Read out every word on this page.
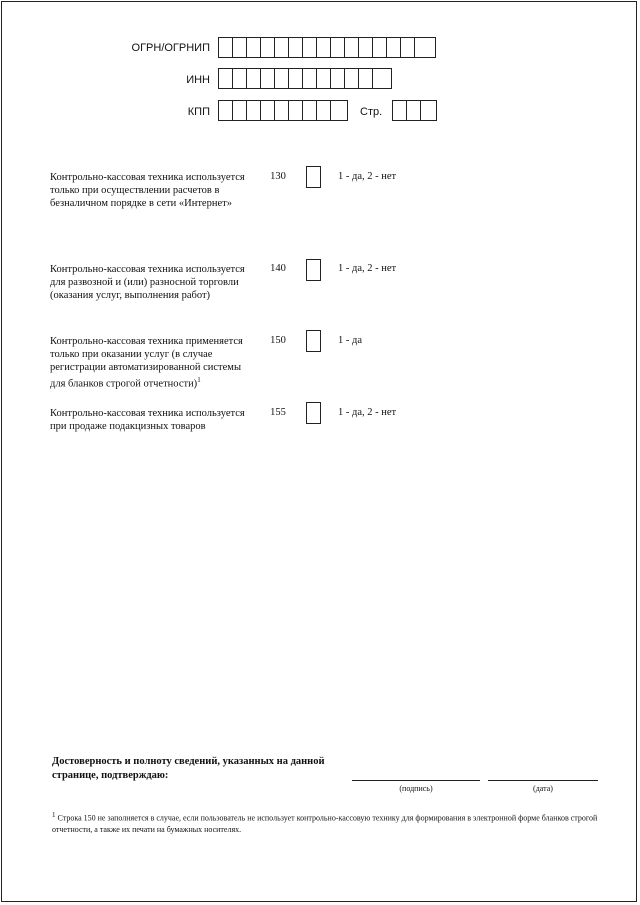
ОГРН/ОГРНИП
ИНН
КПП	Стр.
Контрольно-кассовая техника используется только при осуществлении расчетов в безналичном порядке в сети «Интернет»
130	1 - да, 2 - нет
Контрольно-кассовая техника используется для развозной и (или) разносной торговли (оказания услуг, выполнения работ)
140	1 - да, 2 - нет
Контрольно-кассовая техника применяется только при оказании услуг (в случае регистрации автоматизированной системы для бланков строгой отчетности)$^1$
150	1 - да
Контрольно-кассовая техника используется при продаже подакцизных товаров
155	1 - да, 2 - нет
Достоверность и полноту сведений, указанных на данной странице, подтверждаю:
(подпись)	(дата)
$^1$ Строка 150 не заполняется в случае, если пользователь не использует контрольно-кассовую технику для формирования в электронной форме бланков строгой отчетности, а также их печати на бумажных носителях.
